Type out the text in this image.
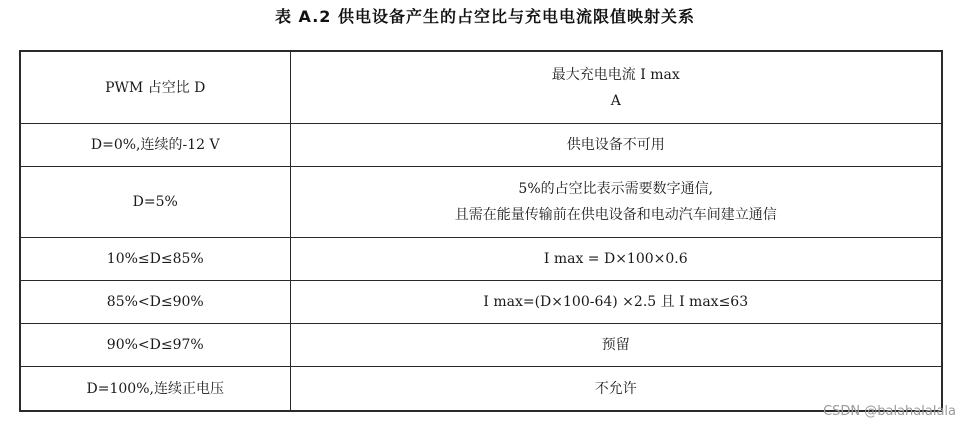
表 A.2 供电设备产生的占空比与充电电流限值映射关系
PWM 占空比 D	最大充电电流 I max
A

D=0%,连续的-12 V	供电设备不可用
D=5%	5%的占空比表示需要数字通信,
且需在能量传输前在供电设备和电动汽车间建立通信

10%≤D≤85%	I max = D×100×0.6
85%<D≤90%	I max=(D×100-64) ×2.5 且 I max≤63
90%<D≤97%	预留
D=100%,连续正电压	不允许
CSDN @balahalalala
